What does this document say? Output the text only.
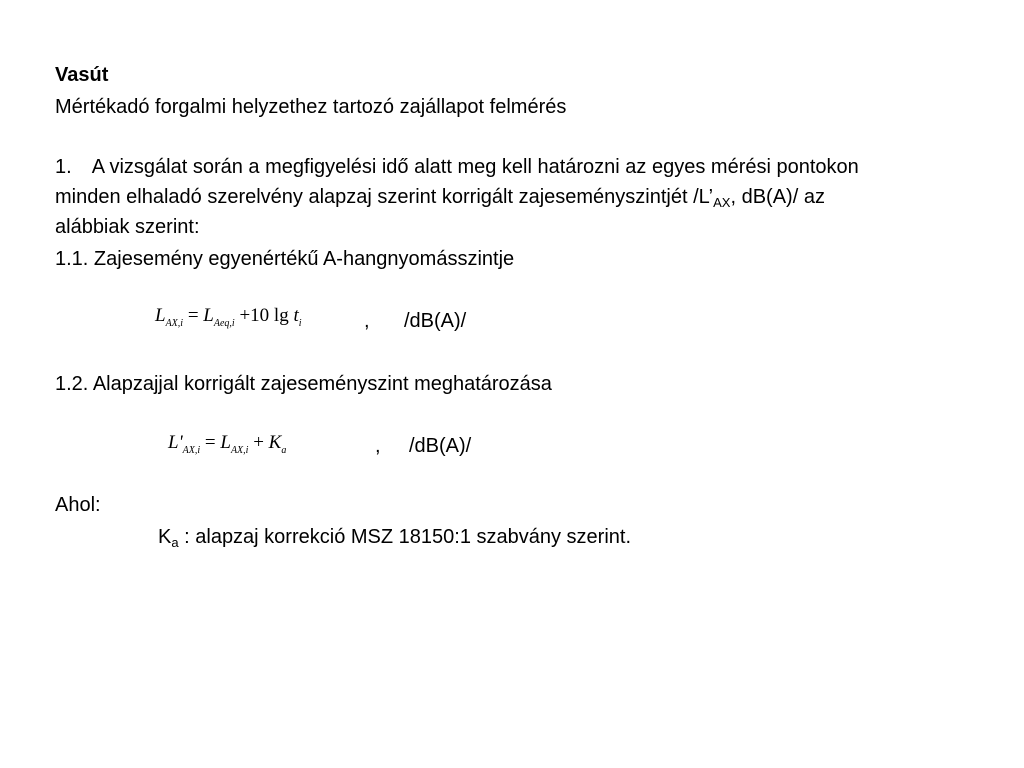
Vasút
Mértékadó forgalmi helyzethez tartozó zajállapot felmérés
1. A vizsgálat során a megfigyelési idő alatt meg kell határozni az egyes mérési pontokon
minden elhaladó szerelvény alapzaj szerint korrigált zajeseményszintjét $/L’_{AX}$, dB(A)/ az
alábbiak szerint:
1.1. Zajesemény egyenértékű A-hangnyomásszintje
$L_{AX,i} = L_{Aeq,i} +10$ $\lg t_i$	, /dB(A)/
1.2. Alapzajjal korrigált zajeseményszint meghatározása
$L'_{AX,i} = L_{AX,i} + K_a$	, /dB(A)/
Ahol:
$K_a$ : alapzaj korrekció MSZ 18150:1 szabvány szerint.
